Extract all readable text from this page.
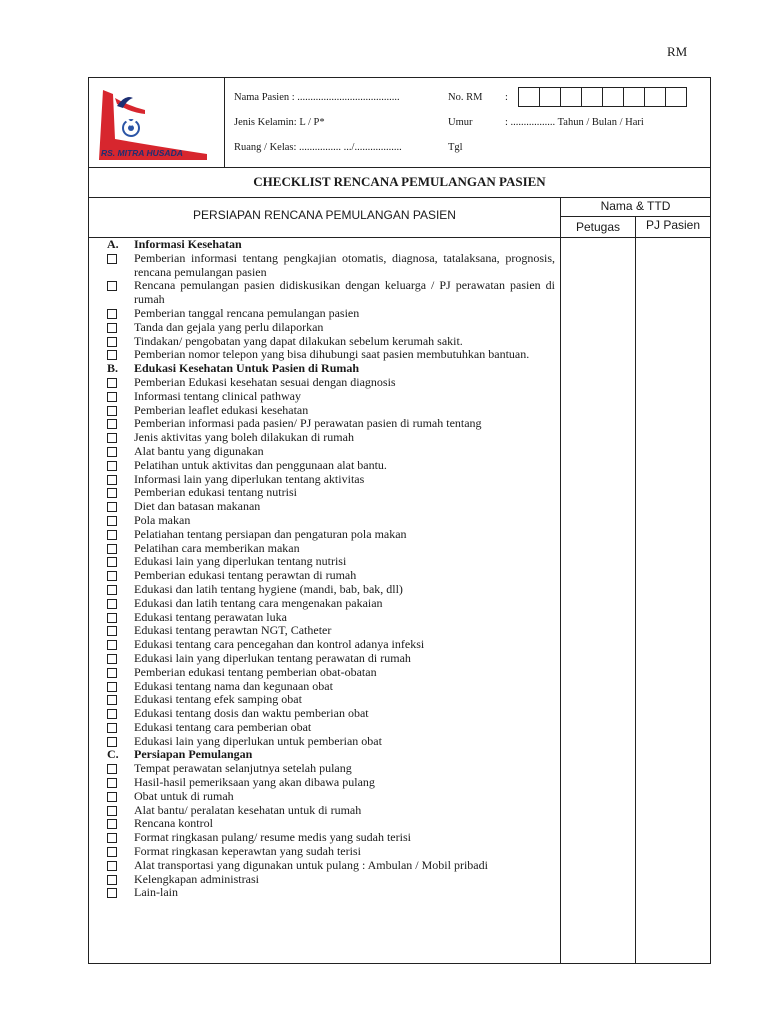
RM
RS. MITRA HUSADA
Nama Pasien : .......................................	No. RM :
Jenis Kelamin: L / P*	Umur	: ................. Tahun / Bulan / Hari
Ruang / Kelas: ................ .../..................	Tgl
CHECKLIST RENCANA PEMULANGAN PASIEN
PERSIAPAN RENCANA PEMULANGAN PASIEN
Nama & TTD
Petugas	PJ Pasien
A. Informasi Kesehatan
Pemberian informasi tentang pengkajian otomatis, diagnosa, tatalaksana, prognosis, rencana pemulangan pasien
Rencana pemulangan pasien didiskusikan dengan keluarga / PJ perawatan pasien di rumah
Pemberian tanggal rencana pemulangan pasien
Tanda dan gejala yang perlu dilaporkan
Tindakan/ pengobatan yang dapat dilakukan sebelum kerumah sakit.
Pemberian nomor telepon yang bisa dihubungi saat pasien membutuhkan bantuan.
B. Edukasi Kesehatan Untuk Pasien di Rumah
Pemberian Edukasi kesehatan sesuai dengan diagnosis
Informasi tentang clinical pathway
Pemberian leaflet edukasi kesehatan
Pemberian informasi pada pasien/ PJ perawatan pasien di rumah tentang
Jenis aktivitas yang boleh dilakukan di rumah
Alat bantu yang digunakan
Pelatihan untuk aktivitas dan penggunaan alat bantu.
Informasi lain yang diperlukan tentang aktivitas
Pemberian edukasi tentang nutrisi
Diet dan batasan makanan
Pola makan
Pelatiahan tentang persiapan dan pengaturan pola makan
Pelatihan cara memberikan makan
Edukasi lain yang diperlukan tentang nutrisi
Pemberian edukasi tentang perawtan di rumah
Edukasi dan latih tentang hygiene (mandi, bab, bak, dll)
Edukasi dan latih tentang cara mengenakan pakaian
Edukasi tentang perawatan luka
Edukasi tentang perawtan NGT, Catheter
Edukasi tentang cara pencegahan dan kontrol adanya infeksi
Edukasi lain yang diperlukan tentang perawatan di rumah
Pemberian edukasi tentang pemberian obat-obatan
Edukasi tentang nama dan kegunaan obat
Edukasi tentang efek samping obat
Edukasi tentang dosis dan waktu pemberian obat
Edukasi tentang cara pemberian obat
Edukasi lain yang diperlukan untuk pemberian obat
C. Persiapan Pemulangan
Tempat perawatan selanjutnya setelah pulang
Hasil-hasil pemeriksaan yang akan dibawa pulang
Obat untuk di rumah
Alat bantu/ peralatan kesehatan untuk di rumah
Rencana kontrol
Format ringkasan pulang/ resume medis yang sudah terisi
Format ringkasan keperawtan yang sudah terisi
Alat transportasi yang digunakan untuk pulang : Ambulan / Mobil pribadi
Kelengkapan administrasi
Lain-lain
